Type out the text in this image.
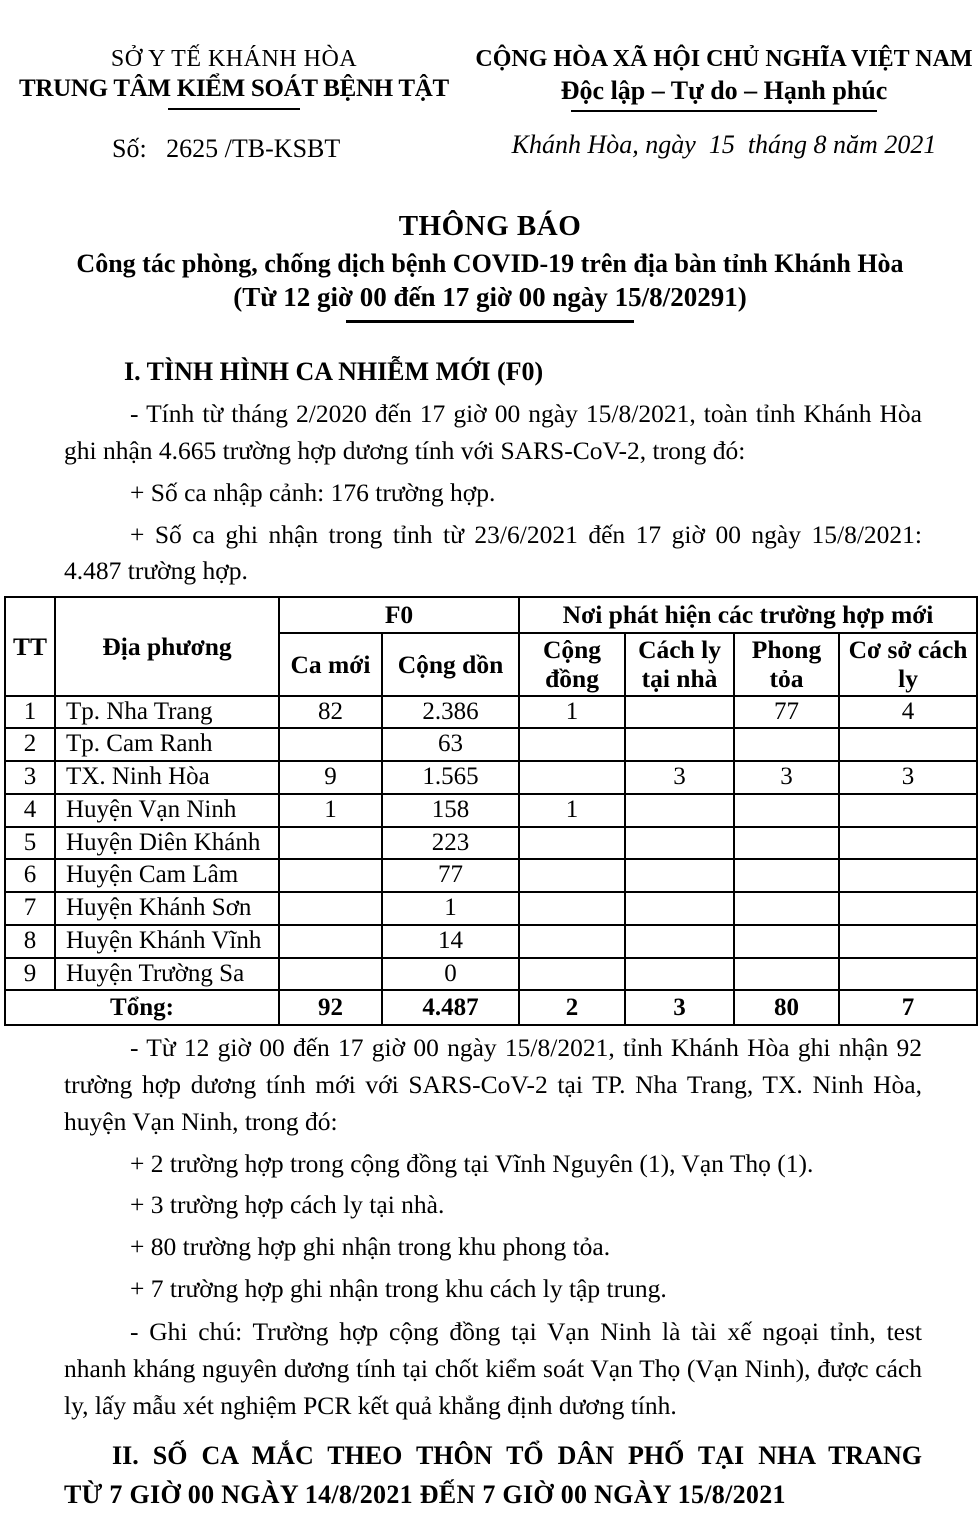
SỞ Y TẾ KHÁNH HÒA
TRUNG TÂM KIỂM SOÁT BỆNH TẬT
Số:   2625 /TB-KSBT
CỘNG HÒA XÃ HỘI CHỦ NGHĨA VIỆT NAM
Độc lập – Tự do – Hạnh phúc
Khánh Hòa, ngày  15  tháng 8 năm 2021
THÔNG BÁO
Công tác phòng, chống dịch bệnh COVID-19 trên địa bàn tỉnh Khánh Hòa
(Từ 12 giờ 00 đến 17 giờ 00 ngày 15/8/20291)
I. TÌNH HÌNH CA NHIỄM MỚI (F0)
- Tính từ tháng 2/2020 đến 17 giờ 00 ngày 15/8/2021, toàn tỉnh Khánh Hòa ghi nhận 4.665 trường hợp dương tính với SARS-CoV-2, trong đó:
+ Số ca nhập cảnh: 176 trường hợp.
+ Số ca ghi nhận trong tỉnh từ 23/6/2021 đến 17 giờ 00 ngày 15/8/2021: 4.487 trường hợp.
TT	Địa phương	F0		Nơi phát hiện các trường hợp mới			
		Ca mới	Cộng dồn	Cộng đồng	Cách ly tại nhà	Phong tỏa	Cơ sở cách ly
1	Tp. Nha Trang	82	2.386	1		77	4
2	Tp. Cam Ranh		63				
3	TX. Ninh Hòa	9	1.565		3	3	3
4	Huyện Vạn Ninh	1	158	1			
5	Huyện Diên Khánh		223				
6	Huyện Cam Lâm		77				
7	Huyện Khánh Sơn		1				
8	Huyện Khánh Vĩnh		14				
9	Huyện Trường Sa		0				
Tổng:		92	4.487	2	3	80	7
- Từ 12 giờ 00 đến 17 giờ 00 ngày 15/8/2021, tỉnh Khánh Hòa ghi nhận 92 trường hợp dương tính mới với SARS-CoV-2 tại TP. Nha Trang, TX. Ninh Hòa, huyện Vạn Ninh, trong đó:
+ 2 trường hợp trong cộng đồng tại Vĩnh Nguyên (1), Vạn Thọ (1).
+ 3 trường hợp cách ly tại nhà.
+ 80 trường hợp ghi nhận trong khu phong tỏa.
+ 7 trường hợp ghi nhận trong khu cách ly tập trung.
- Ghi chú: Trường hợp cộng đồng tại Vạn Ninh là tài xế ngoại tỉnh, test nhanh kháng nguyên dương tính tại chốt kiểm soát Vạn Thọ (Vạn Ninh), được cách ly, lấy mẫu xét nghiệm PCR kết quả khẳng định dương tính.
II. SỐ CA MẮC THEO THÔN TỔ DÂN PHỐ TẠI NHA TRANG
TỪ 7 GIỜ 00 NGÀY 14/8/2021 ĐẾN 7 GIỜ 00 NGÀY 15/8/2021
